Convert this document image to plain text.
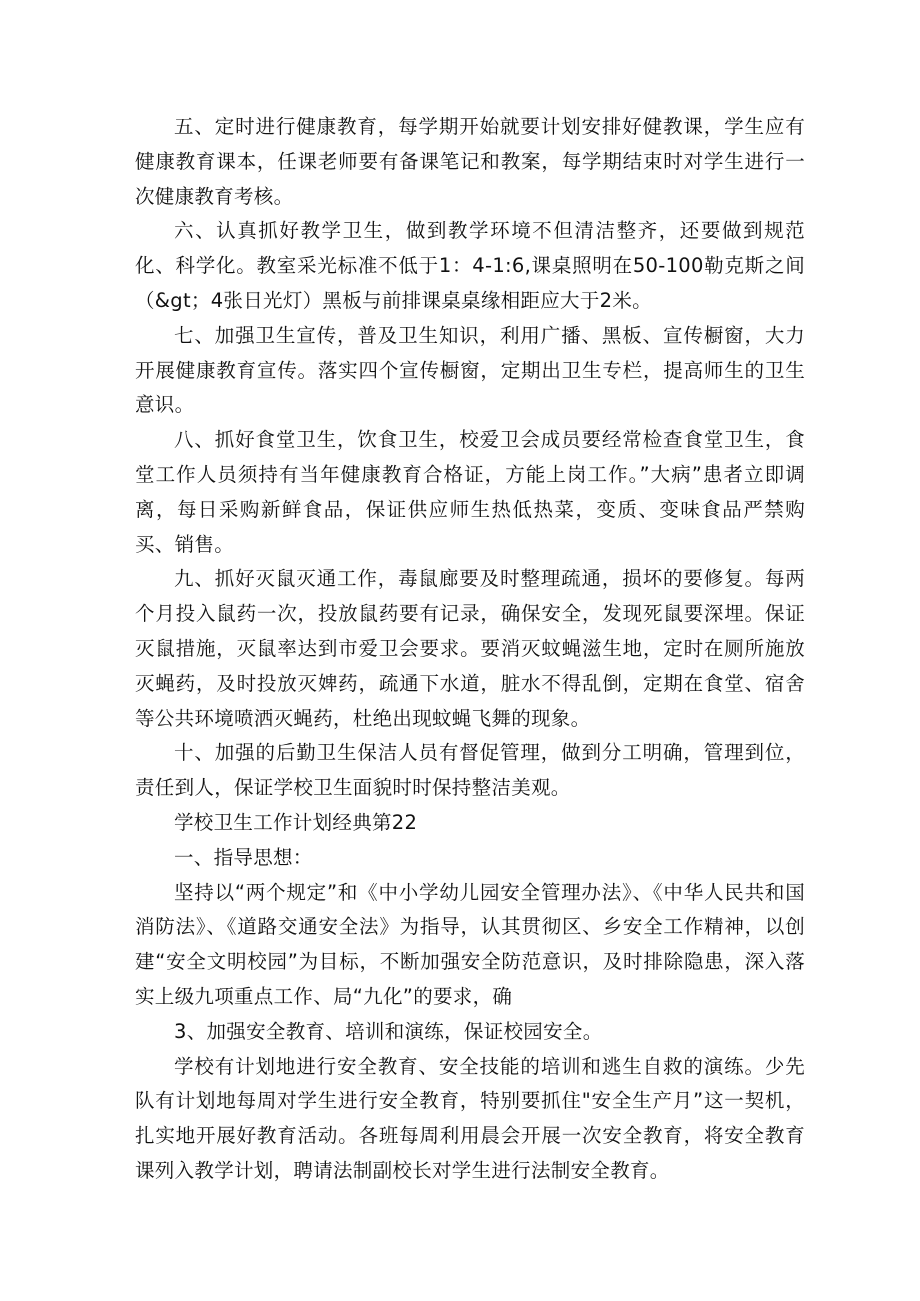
五、定时进行健康教育，每学期开始就要计划安排好健教课，学生应有健康教育课本，任课老师要有备课笔记和教案，每学期结束时对学生进行一次健康教育考核。

六、认真抓好教学卫生，做到教学环境不但清洁整齐，还要做到规范化、科学化。教室采光标准不低于1：4-1:6,课桌照明在50-100勒克斯之间（&gt；4张日光灯）黑板与前排课桌桌缘相距应大于2米。

七、加强卫生宣传，普及卫生知识，利用广播、黑板、宣传橱窗，大力开展健康教育宣传。落实四个宣传橱窗，定期出卫生专栏，提高师生的卫生意识。

八、抓好食堂卫生，饮食卫生，校爱卫会成员要经常检查食堂卫生，食堂工作人员须持有当年健康教育合格证，方能上岗工作。”大病”患者立即调离，每日采购新鲜食品，保证供应师生热低热菜，变质、变味食品严禁购买、销售。

九、抓好灭鼠灭通工作，毒鼠廊要及时整理疏通，损坏的要修复。每两个月投入鼠药一次，投放鼠药要有记录，确保安全，发现死鼠要深埋。保证灭鼠措施，灭鼠率达到市爱卫会要求。要消灭蚊蝇滋生地，定时在厕所施放灭蝇药，及时投放灭婢药，疏通下水道，脏水不得乱倒，定期在食堂、宿舍等公共环境喷洒灭蝇药，杜绝出现蚊蝇飞舞的现象。

十、加强的后勤卫生保洁人员有督促管理，做到分工明确，管理到位，责任到人，保证学校卫生面貌时时保持整洁美观。

学校卫生工作计划经典第22

一、指导思想：

坚持以“两个规定”和《中小学幼儿园安全管理办法》、《中华人民共和国消防法》、《道路交通安全法》为指导，认其贯彻区、乡安全工作精神，以创建“安全文明校园”为目标，不断加强安全防范意识，及时排除隐患，深入落实上级九项重点工作、局“九化”的要求，确

3、加强安全教育、培训和演练，保证校园安全。

学校有计划地进行安全教育、安全技能的培训和逃生自救的演练。少先队有计划地每周对学生进行安全教育，特别要抓住"安全生产月”这一契机，扎实地开展好教育活动。各班每周利用晨会开展一次安全教育，将安全教育课列入教学计划，聘请法制副校长对学生进行法制安全教育。
